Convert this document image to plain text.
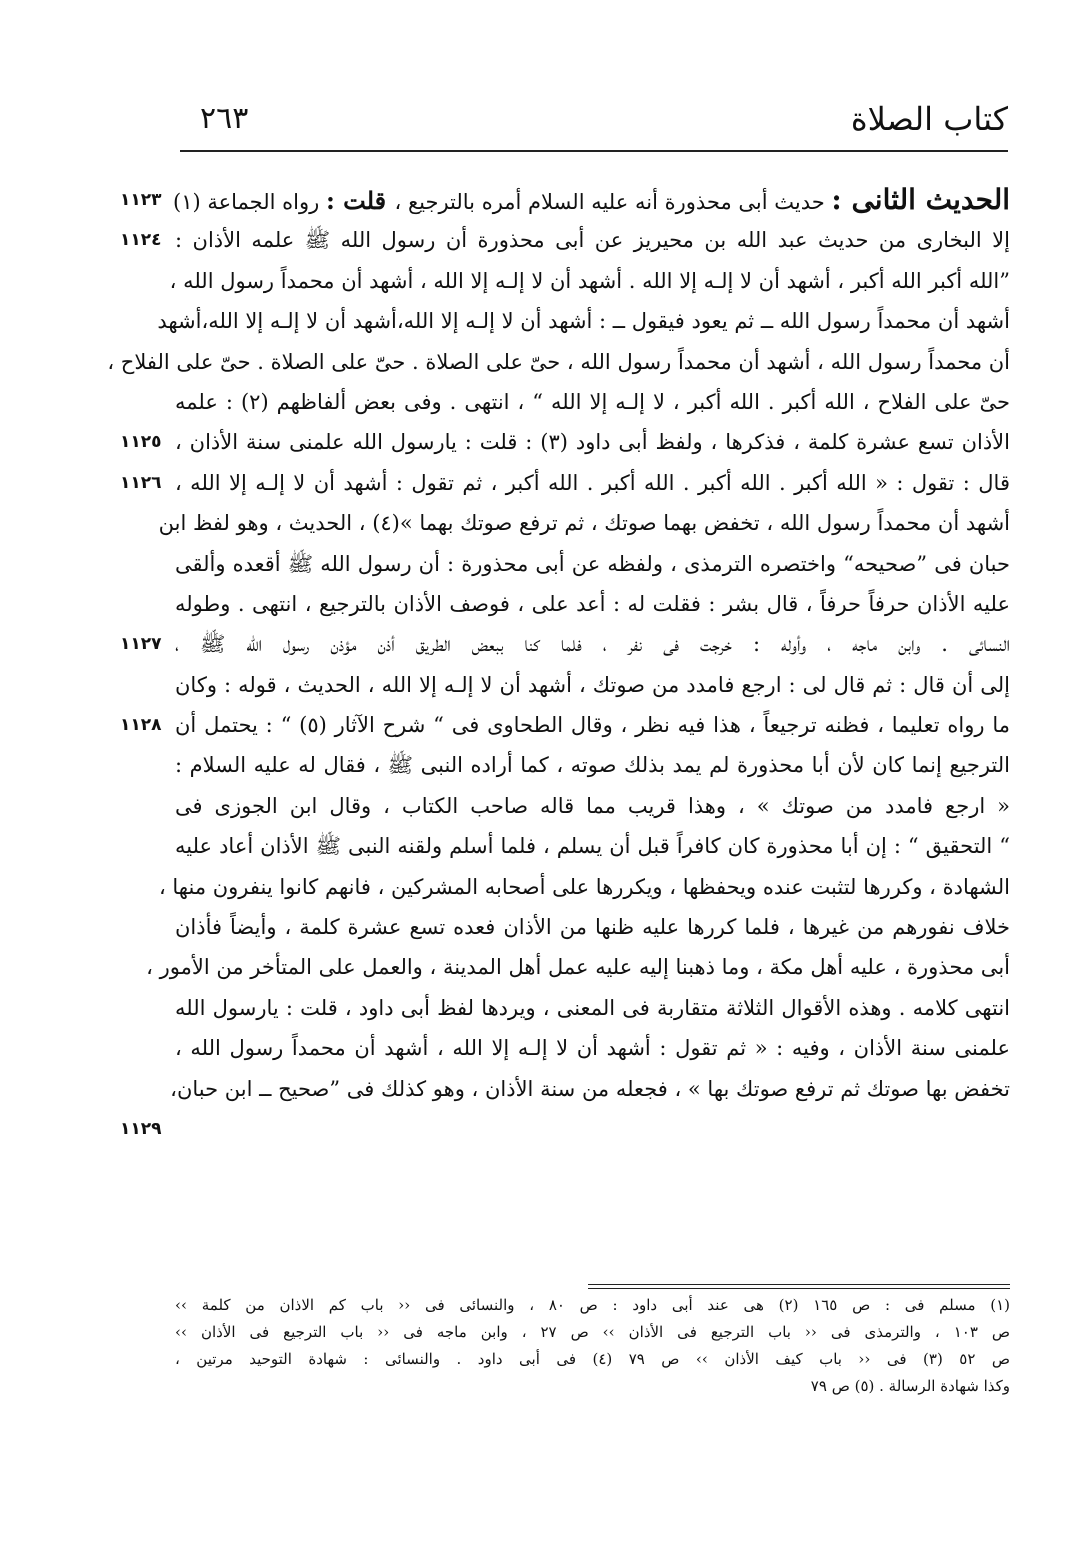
كتاب الصلاة
٢٦٣
١١٢٣
١١٢٤
١١٢٥
١١٢٦
١١٢٧
١١٢٨
١١٢٩
الحديث الثانى : حديث أبى محذورة أنه عليه السلام أمره بالترجيع ، قلت : رواه الجماعة (١)
إلا البخارى من حديث عبد الله بن محيريز عن أبى محذورة أن رسول الله ﷺ علمه الأذان :
”الله أكبر الله أكبر ، أشهد أن لا إلـه إلا الله . أشهد أن لا إلـه إلا الله ، أشهد أن محمداً رسول الله ،
أشهد أن محمداً رسول الله ــ ثم يعود فيقول ــ : أشهد أن لا إلـه إلا الله،أشهد أن لا إلـه إلا الله،أشهد
أن محمداً رسول الله ، أشهد أن محمداً رسول الله ، حىّ على الصلاة . حىّ على الصلاة . حىّ على الفلاح ،
حىّ على الفلاح ، الله أكبر . الله أكبر ، لا إلـه إلا الله “ ، انتهى . وفى بعض ألفاظهم (٢) : علمه
الأذان تسع عشرة كلمة ، فذكرها ، ولفظ أبى داود (٣) : قلت : يارسول الله علمنى سنة الأذان ،
قال : تقول : « الله أكبر . الله أكبر . الله أكبر . الله أكبر ، ثم تقول : أشهد أن لا إلـه إلا الله ،
أشهد أن محمداً رسول الله ، تخفض بهما صوتك ، ثم ترفع صوتك بهما »(٤) ، الحديث ، وهو لفظ ابن
حبان فى ”صحيحه“ واختصره الترمذى ، ولفظه عن أبى محذورة : أن رسول الله ﷺ أقعده وألقى
عليه الأذان حرفاً حرفاً ، قال بشر : فقلت له : أعد على ، فوصف الأذان بالترجيع ، انتهى . وطوله
النسائى . وابن ماجه ، وأوله : خرجت فى نفر ، فلما كنا ببعض الطريق أذن مؤذن رسول الله ﷺ ،
إلى أن قال : ثم قال لى : ارجع فامدد من صوتك ، أشهد أن لا إلـه إلا الله ، الحديث ، قوله : وكان
ما رواه تعليما ، فظنه ترجيعاً ، هذا فيه نظر ، وقال الطحاوى فى “ شرح الآثار (٥) “ : يحتمل أن
الترجيع إنما كان لأن أبا محذورة لم يمد بذلك صوته ، كما أراده النبى ﷺ ، فقال له عليه السلام :
« ارجع فامدد من صوتك » ، وهذا قريب مما قاله صاحب الكتاب ، وقال ابن الجوزى فى
“ التحقيق “ : إن أبا محذورة كان كافراً قبل أن يسلم ، فلما أسلم ولقنه النبى ﷺ الأذان أعاد عليه
الشهادة ، وكررها لتثبت عنده ويحفظها ، ويكررها على أصحابه المشركين ، فانهم كانوا ينفرون منها ،
خلاف نفورهم من غيرها ، فلما كررها عليه ظنها من الأذان فعده تسع عشرة كلمة ، وأيضاً فأذان
أبى محذورة ، عليه أهل مكة ، وما ذهبنا إليه عليه عمل أهل المدينة ، والعمل على المتأخر من الأمور ،
انتهى كلامه . وهذه الأقوال الثلاثة متقاربة فى المعنى ، ويردها لفظ أبى داود ، قلت : يارسول الله
علمنى سنة الأذان ، وفيه : « ثم تقول : أشهد أن لا إلـه إلا الله ، أشهد أن محمداً رسول الله ،
تخفض بها صوتك ثم ترفع صوتك بها » ، فجعله من سنة الأذان ، وهو كذلك فى ”صحيح ــ ابن حبان،
(١) مسلم فى : ص ١٦٥ (٢) هى عند أبى داود : ص ٨٠ ، والنسائى فى ‹‹ باب كم الاذان من كلمة ››
ص ١٠٣ ، والترمذى فى ‹‹ باب الترجيع فى الأذان ›› ص ٢٧ ، وابن ماجه فى ‹‹ باب الترجيع فى الأذان ››
ص ٥٢ (٣) فى ‹‹ باب كيف الأذان ›› ص ٧٩ (٤) فى أبى داود . والنسائى : شهادة التوحيد مرتين ،
وكذا شهادة الرسالة . (٥) ص ٧٩
